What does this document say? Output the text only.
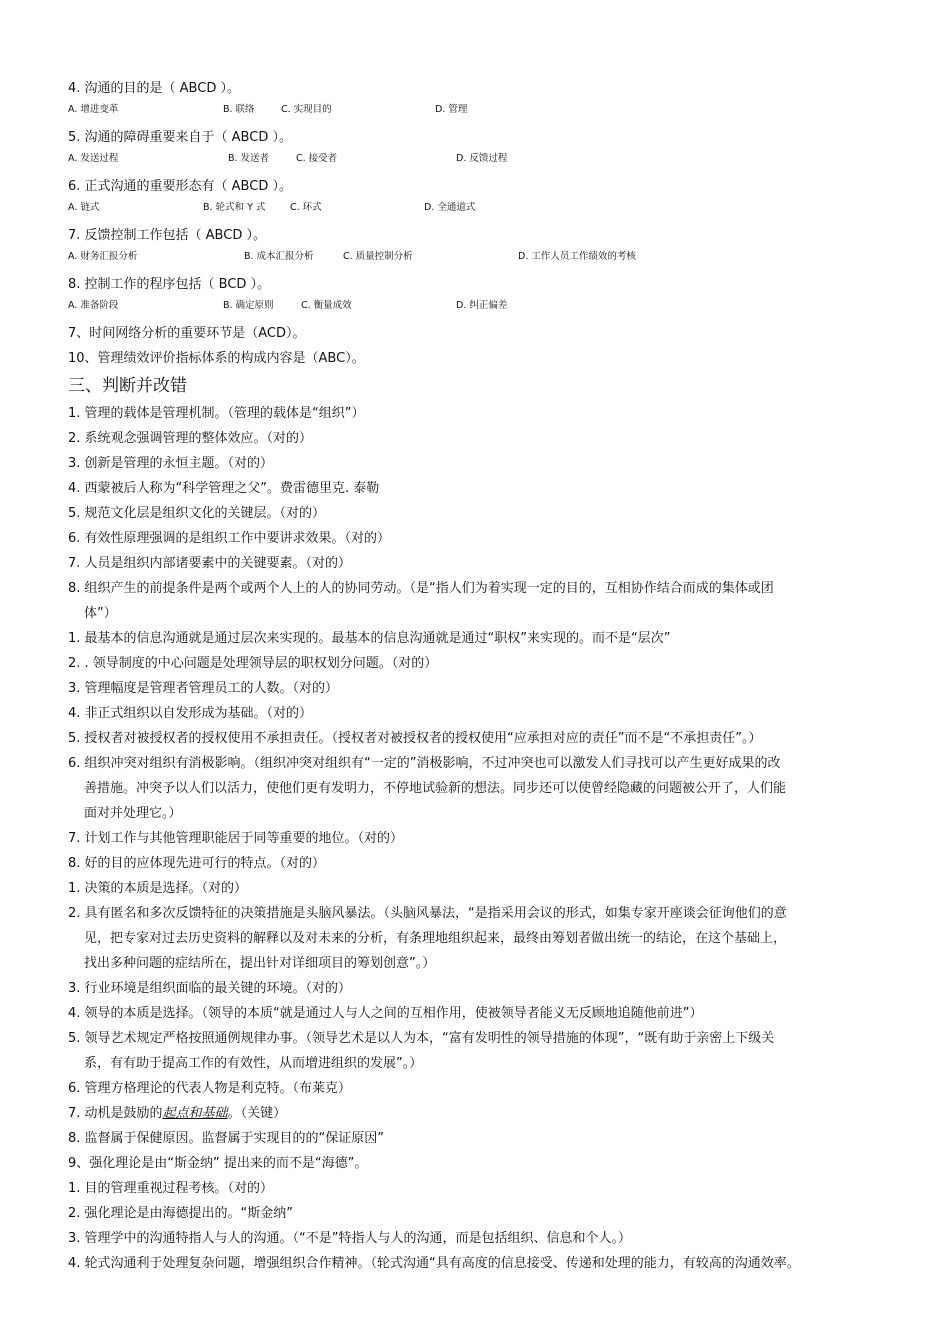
4. 沟通的目的是（ ABCD ）。
A. 增进变革	B. 联络	C. 实现目的	D. 管理
5. 沟通的障碍重要来自于（ ABCD ）。
A. 发送过程	B. 发送者	C. 接受者	D. 反馈过程
6. 正式沟通的重要形态有（ ABCD ）。
A. 链式	B. 轮式和 Y 式	C. 环式	D. 全通道式
7. 反馈控制工作包括（ ABCD ）。
A. 财务汇报分析	B. 成本汇报分析	C. 质量控制分析	D. 工作人员工作绩效的考核
8. 控制工作的程序包括（ BCD ）。
A. 准备阶段	B. 确定原则	C. 衡量成效	D. 纠正偏差
7、时间网络分析的重要环节是（ACD）。
10、管理绩效评价指标体系的构成内容是（ABC）。
三、判断并改错
1. 管理的载体是管理机制。（管理的载体是“组织”）
2. 系统观念强调管理的整体效应。（对的）
3. 创新是管理的永恒主题。（对的）
4. 西蒙被后人称为“科学管理之父”。费雷德里克. 泰勒
5. 规范文化层是组织文化的关键层。（对的）
6. 有效性原理强调的是组织工作中要讲求效果。（对的）
7. 人员是组织内部诸要素中的关键要素。（对的）
8. 组织产生的前提条件是两个或两个人上的人的协同劳动。（是“指人们为着实现一定的目的，互相协作结合而成的集体或团
体”）
1. 最基本的信息沟通就是通过层次来实现的。最基本的信息沟通就是通过“职权”来实现的。而不是“层次”
2. . 领导制度的中心问题是处理领导层的职权划分问题。（对的）
3. 管理幅度是管理者管理员工的人数。（对的）
4. 非正式组织以自发形成为基础。（对的）
5. 授权者对被授权者的授权使用不承担责任。（授权者对被授权者的授权使用“应承担对应的责任”而不是“不承担责任”。）
6. 组织冲突对组织有消极影响。（组织冲突对组织有“一定的”消极影响，不过冲突也可以激发人们寻找可以产生更好成果的改
善措施。冲突予以人们以活力，使他们更有发明力，不停地试验新的想法。同步还可以使曾经隐藏的问题被公开了，人们能
面对并处理它。）
7. 计划工作与其他管理职能居于同等重要的地位。（对的）
8. 好的目的应体现先进可行的特点。（对的）
1. 决策的本质是选择。（对的）
2. 具有匿名和多次反馈特征的决策措施是头脑风暴法。（头脑风暴法，“是指采用会议的形式，如集专家开座谈会征询他们的意
见，把专家对过去历史资料的解释以及对未来的分析，有条理地组织起来，最终由筹划者做出统一的结论，在这个基础上，
找出多种问题的症结所在，提出针对详细项目的筹划创意”。）
3. 行业环境是组织面临的最关键的环境。（对的）
4. 领导的本质是选择。（领导的本质“就是通过人与人之间的互相作用，使被领导者能义无反顾地追随他前进”）
5. 领导艺术规定严格按照通例规律办事。（领导艺术是以人为本，“富有发明性的领导措施的体现”，“既有助于亲密上下级关
系，有有助于提高工作的有效性，从而增进组织的发展”。）
6. 管理方格理论的代表人物是利克特。（布莱克）
7. 动机是鼓励的起点和基础。（关键）
8. 监督属于保健原因。监督属于实现目的的“保证原因”
9、强化理论是由“斯金纳” 提出来的而不是“海德”。
1. 目的管理重视过程考核。（对的）
2. 强化理论是由海德提出的。“斯金纳”
3. 管理学中的沟通特指人与人的沟通。（“不是”特指人与人的沟通，而是包括组织、信息和个人。）
4. 轮式沟通利于处理复杂问题，增强组织合作精神。（轮式沟通“具有高度的信息接受、传递和处理的能力，有较高的沟通效率。
